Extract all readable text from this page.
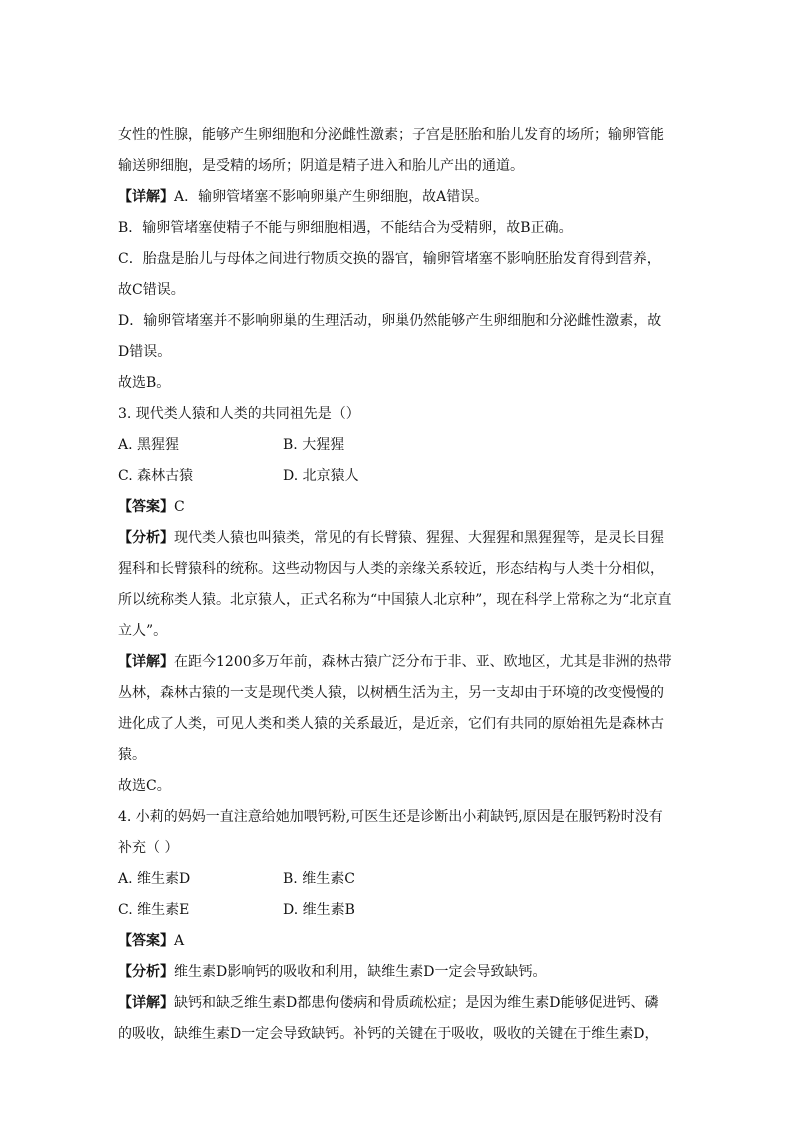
女性的性腺，能够产生卵细胞和分泌雌性激素；子宫是胚胎和胎儿发育的场所；输卵管能
输送卵细胞，是受精的场所；阴道是精子进入和胎儿产出的通道。
【详解】A．输卵管堵塞不影响卵巢产生卵细胞，故A错误。
B．输卵管堵塞使精子不能与卵细胞相遇，不能结合为受精卵，故B正确。
C．胎盘是胎儿与母体之间进行物质交换的器官，输卵管堵塞不影响胚胎发育得到营养，
故C错误。
D．输卵管堵塞并不影响卵巢的生理活动，卵巢仍然能够产生卵细胞和分泌雌性激素，故
D错误。
故选B。
3. 现代类人猿和人类的共同祖先是（）
A. 黑猩猩	B. 大猩猩
C. 森林古猿	D. 北京猿人
【答案】C
【分析】现代类人猿也叫猿类，常见的有长臂猿、猩猩、大猩猩和黑猩猩等，是灵长目猩
猩科和长臂猿科的统称。这些动物因与人类的亲缘关系较近，形态结构与人类十分相似，
所以统称类人猿。北京猿人，正式名称为“中国猿人北京种”，现在科学上常称之为“北京直
立人”。
【详解】在距今1200多万年前，森林古猿广泛分布于非、亚、欧地区，尤其是非洲的热带
丛林，森林古猿的一支是现代类人猿，以树栖生活为主，另一支却由于环境的改变慢慢的
进化成了人类，可见人类和类人猿的关系最近，是近亲，它们有共同的原始祖先是森林古
猿。
故选C。
4. 小莉的妈妈一直注意给她加喂钙粉,可医生还是诊断出小莉缺钙,原因是在服钙粉时没有
补充（ ）
A. 维生素D	B. 维生素C
C. 维生素E	D. 维生素B
【答案】A
【分析】维生素D影响钙的吸收和利用，缺维生素D一定会导致缺钙。
【详解】缺钙和缺乏维生素D都患佝偻病和骨质疏松症；是因为维生素D能够促进钙、磷
的吸收，缺维生素D一定会导致缺钙。补钙的关键在于吸收，吸收的关键在于维生素D，
